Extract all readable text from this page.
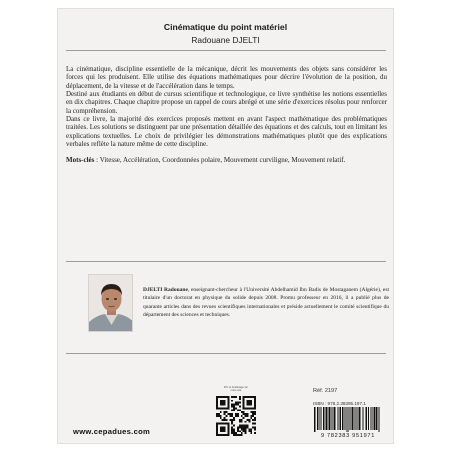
Cinématique du point matériel
Radouane DJELTI

La cinématique, discipline essentielle de la mécanique, décrit les mouvements des objets sans considérer les forces qui les produisent. Elle utilise des équations mathématiques pour décrire l'évolution de la position, du déplacement, de la vitesse et de l'accélération dans le temps.

Destiné aux étudiants en début de cursus scientifique et technologique, ce livre synthétise les notions essentielles en dix chapitres. Chaque chapitre propose un rappel de cours abrégé et une série d'exercices résolus pour renforcer la compréhension.

Dans ce livre, la majorité des exercices proposés mettent en avant l'aspect mathématique des problématiques traitées. Les solutions se distinguent par une présentation détaillée des équations et des calculs, tout en limitant les explications textuelles. Le choix de privilégier les démonstrations mathématiques plutôt que des explications verbales reflète la nature même de cette discipline.

Mots-clés : Vitesse, Accélération, Coordonnées polaire, Mouvement curviligne, Mouvement relatif.

DJELTI Radouane, enseignant-chercheur à l'Université Abdelhamid Ibn Badis de Mostaganem (Algérie), est titulaire d'un doctorat en physique du solide depuis 2008. Promu professeur en 2016, il a publié plus de quarante articles dans des revues scientifiques internationales et préside actuellement le comité scientifique du département des sciences et techniques.
Prix et feuilletage sur
notre site	Réf. 2197
ISBN : 978.2.38395.197.1
9 782383 951971
www.cepadues.com
